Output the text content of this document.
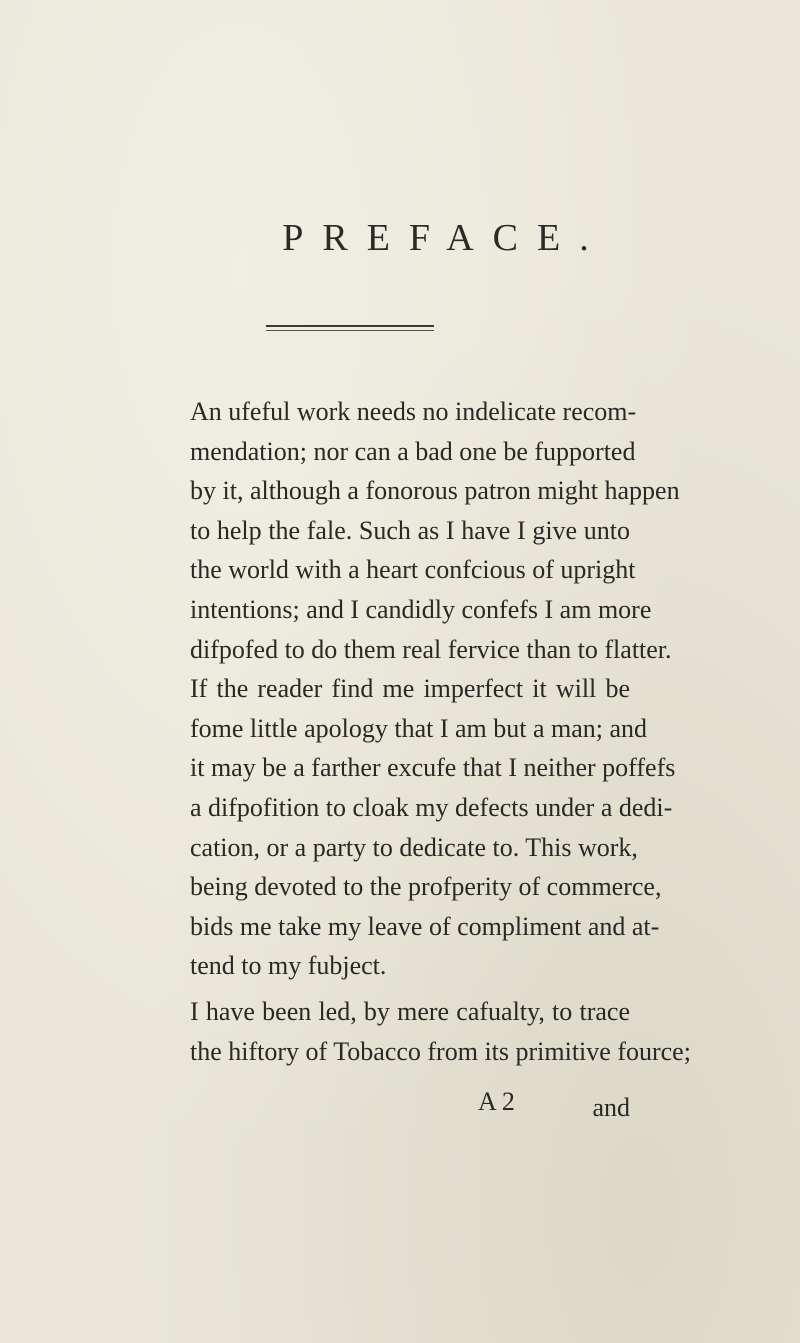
PREFACE.

An ufeful work needs no indelicate recom-
mendation; nor can a bad one be fupported
by it, although a fonorous patron might happen
to help the fale. Such as I have I give unto
the world with a heart confcious of upright
intentions; and I candidly confefs I am more
difpofed to do them real fervice than to flatter.
If the reader find me imperfect it will be
fome little apology that I am but a man; and
it may be a farther excufe that I neither poffefs
a difpofition to cloak my defects under a dedi-
cation, or a party to dedicate to. This work,
being devoted to the profperity of commerce,
bids me take my leave of compliment and at-
tend to my fubject.

I have been led, by mere cafualty, to trace
the hiftory of Tobacco from its primitive fource;

A 2	and
